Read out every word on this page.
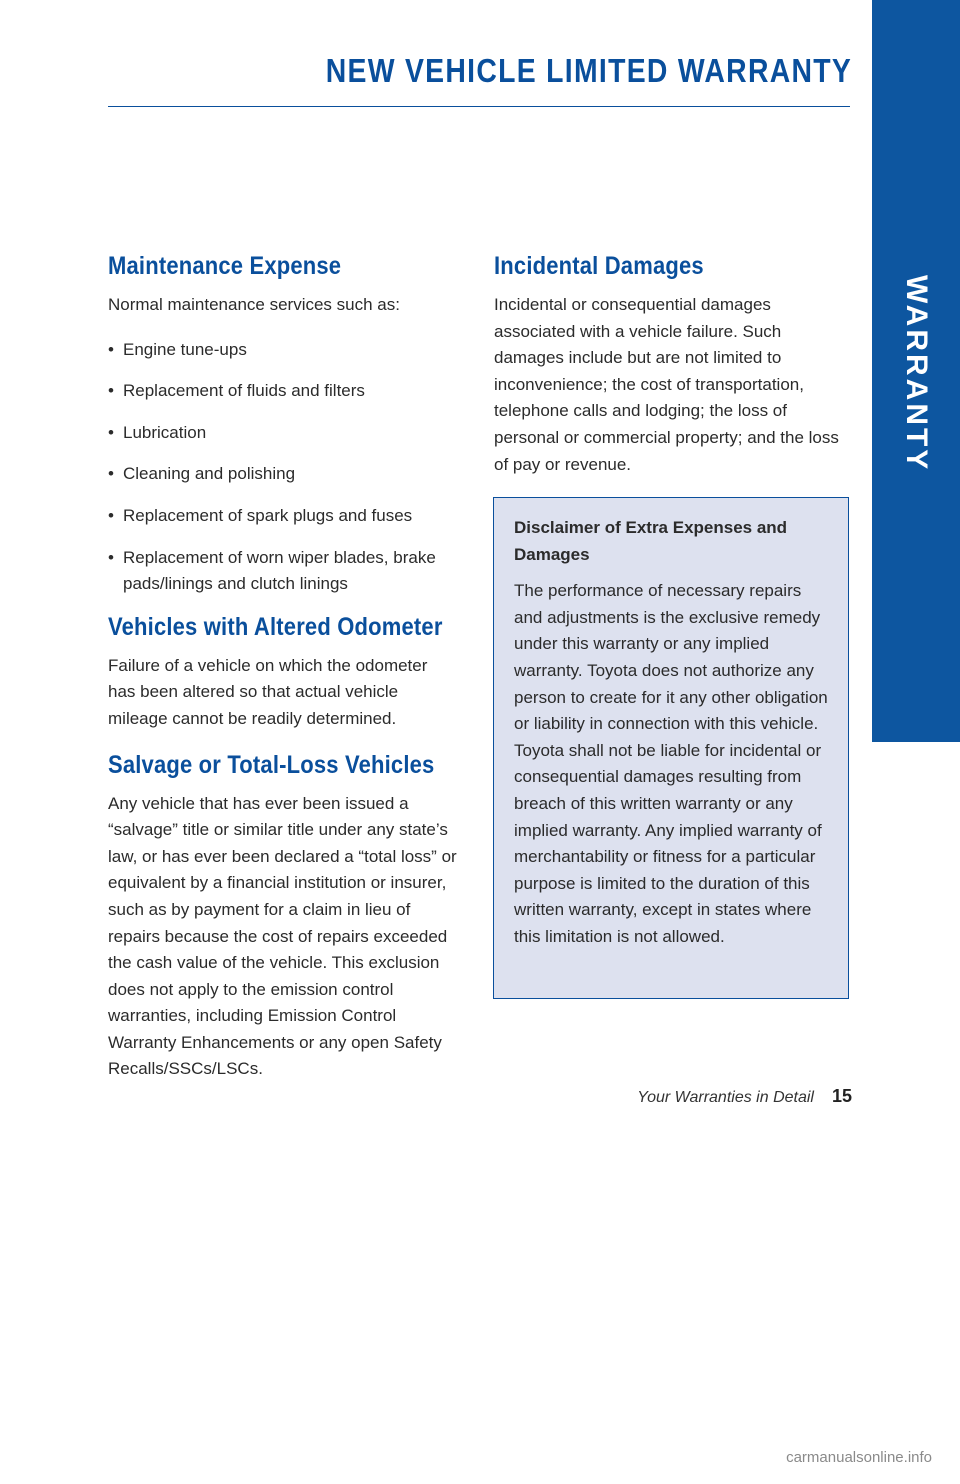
NEW VEHICLE LIMITED WARRANTY
WARRANTY
Maintenance Expense

Normal maintenance services such as:

• Engine tune-ups
• Replacement of fluids and filters
• Lubrication
• Cleaning and polishing
• Replacement of spark plugs and fuses
• Replacement of worn wiper blades, brake pads/linings and clutch linings
Vehicles with Altered Odometer

Failure of a vehicle on which the odometer has been altered so that actual vehicle mileage cannot be readily determined.

Salvage or Total-Loss Vehicles

Any vehicle that has ever been issued a “salvage” title or similar title under any state’s law, or has ever been declared a “total loss” or equivalent by a financial institution or insurer, such as by payment for a claim in lieu of repairs because the cost of repairs exceeded the cash value of the vehicle. This exclusion does not apply to the emission control warranties, including Emission Control Warranty Enhancements or any open Safety Recalls/SSCs/LSCs.

Incidental Damages

Incidental or consequential damages associated with a vehicle failure. Such damages include but are not limited to inconvenience; the cost of transportation, telephone calls and lodging; the loss of personal or commercial property; and the loss of pay or revenue.

Disclaimer of Extra Expenses and Damages

The performance of necessary repairs and adjustments is the exclusive remedy under this warranty or any implied warranty. Toyota does not authorize any person to create for it any other obligation or liability in connection with this vehicle. Toyota shall not be liable for incidental or consequential damages resulting from breach of this written warranty or any implied warranty. Any implied warranty of merchantability or fitness for a particular purpose is limited to the duration of this written warranty, except in states where this limitation is not allowed.

Your Warranties in Detail 15
carmanualsonline.info
